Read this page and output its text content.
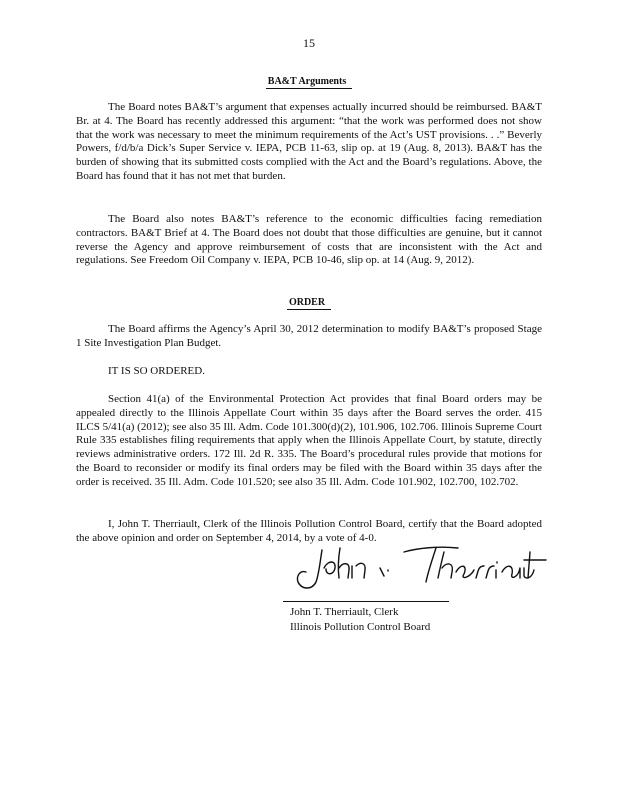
15
BA&T Arguments

The Board notes BA&T’s argument that expenses actually incurred should be reimbursed. BA&T Br. at 4. The Board has recently addressed this argument: “that the work was performed does not show that the work was necessary to meet the minimum requirements of the Act’s UST provisions. . .” Beverly Powers, f/d/b/a Dick’s Super Service v. IEPA, PCB 11-63, slip op. at 19 (Aug. 8, 2013). BA&T has the burden of showing that its submitted costs complied with the Act and the Board’s regulations. Above, the Board has found that it has not met that burden.

The Board also notes BA&T’s reference to the economic difficulties facing remediation contractors. BA&T Brief at 4. The Board does not doubt that those difficulties are genuine, but it cannot reverse the Agency and approve reimbursement of costs that are inconsistent with the Act and regulations. See Freedom Oil Company v. IEPA, PCB 10-46, slip op. at 14 (Aug. 9, 2012).

ORDER

The Board affirms the Agency’s April 30, 2012 determination to modify BA&T’s proposed Stage 1 Site Investigation Plan Budget.

IT IS SO ORDERED.

Section 41(a) of the Environmental Protection Act provides that final Board orders may be appealed directly to the Illinois Appellate Court within 35 days after the Board serves the order. 415 ILCS 5/41(a) (2012); see also 35 Ill. Adm. Code 101.300(d)(2), 101.906, 102.706. Illinois Supreme Court Rule 335 establishes filing requirements that apply when the Illinois Appellate Court, by statute, directly reviews administrative orders. 172 Ill. 2d R. 335. The Board’s procedural rules provide that motions for the Board to reconsider or modify its final orders may be filed with the Board within 35 days after the order is received. 35 Ill. Adm. Code 101.520; see also 35 Ill. Adm. Code 101.902, 102.700, 102.702.

I, John T. Therriault, Clerk of the Illinois Pollution Control Board, certify that the Board adopted the above opinion and order on September 4, 2014, by a vote of 4-0.

John T. Therriault, Clerk
Illinois Pollution Control Board
